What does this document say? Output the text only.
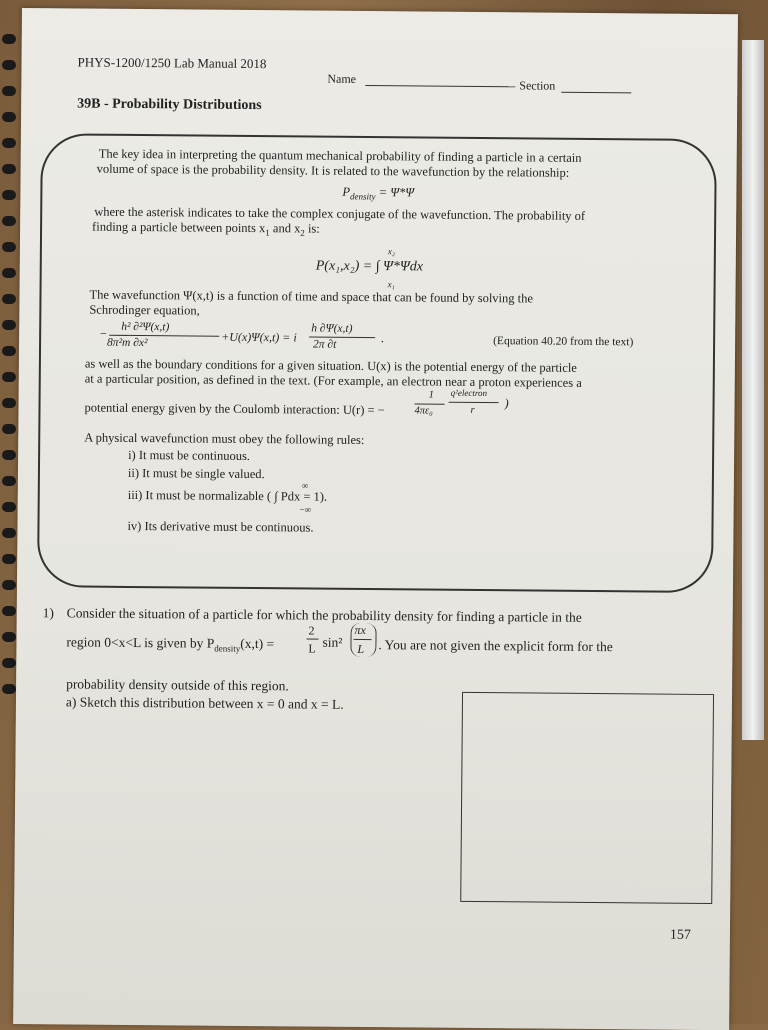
PHYS-1200/1250 Lab Manual 2018
Name	Section
39B - Probability Distributions
The key idea in interpreting the quantum mechanical probability of finding a particle in a certain
volume of space is the probability density. It is related to the wavefunction by the relationship:
$P_{density} = \Psi*\Psi$
where the asterisk indicates to take the complex conjugate of the wavefunction. The probability of
finding a particle between points $x_1$ and $x_2$ is:
x₂
P(x₁,x₂) = ∫ Ψ*Ψdx
x₁
The wavefunction Ψ(x,t) is a function of time and space that can be found by solving the
Schrodinger equation,
h² ∂²Ψ(x,t)
8π²m ∂x²
−	+U(x)Ψ(x,t) = i
h ∂Ψ(x,t)
2π ∂t	.	(Equation 40.20 from the text)
as well as the boundary conditions for a given situation. U(x) is the potential energy of the particle
at a particular position, as defined in the text. (For example, an electron near a proton experiences a
potential energy given by the Coulomb interaction: U(r) = −
1
4πε₀
q²electron
r
)
A physical wavefunction must obey the following rules:
i) It must be continuous.
ii) It must be single valued.
∞
iii) It must be normalizable ( ∫ Pdx = 1).
−∞
iv) Its derivative must be continuous.
1) Consider the situation of a particle for which the probability density for finding a particle in the
region 0<x<L is given by $P_{density}(x,t)$ =
2
L sin²
πx
L . You are not given the explicit form for the
probability density outside of this region.
a) Sketch this distribution between x = 0 and x = L.
157
